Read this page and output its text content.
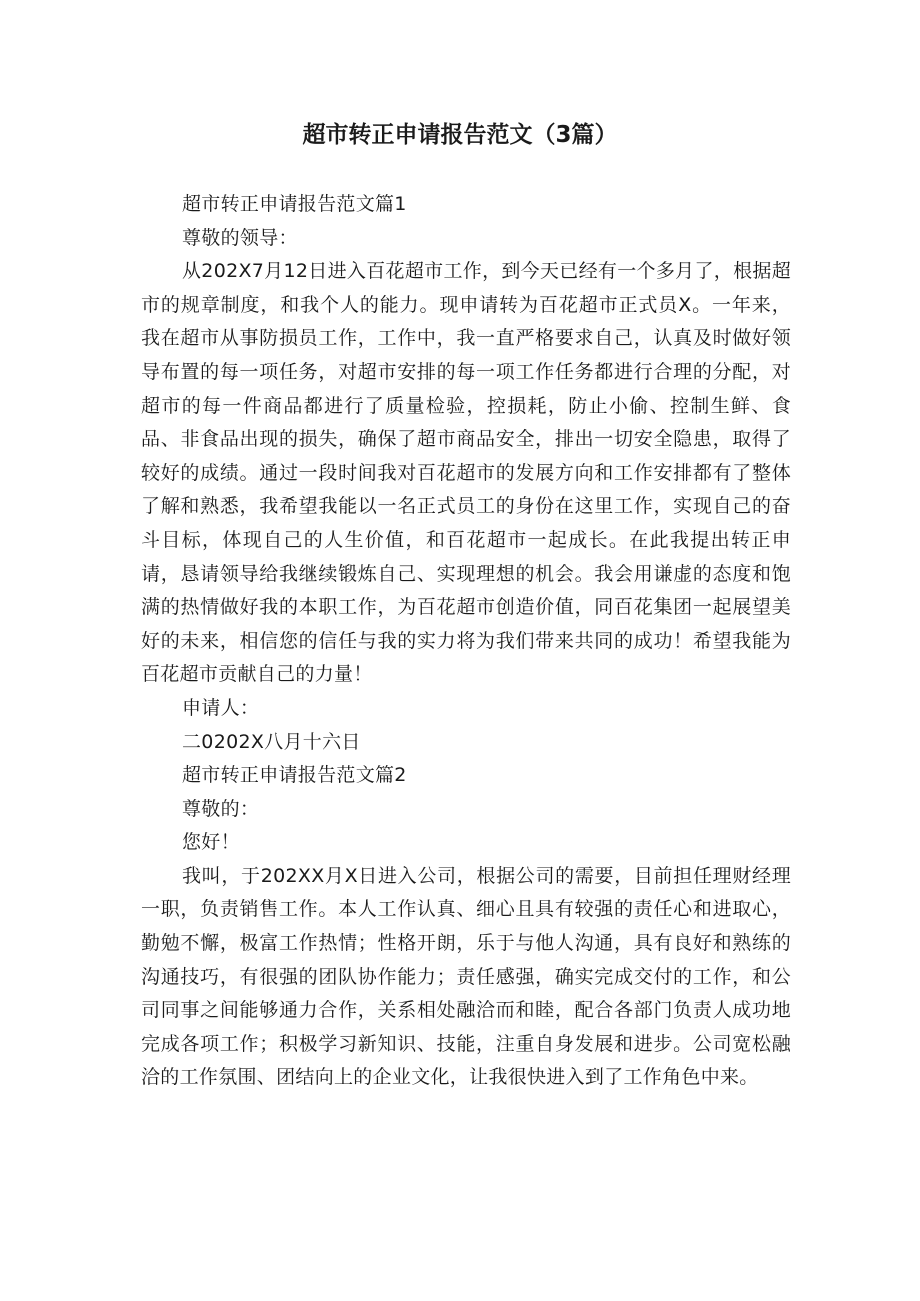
超市转正申请报告范文（3篇）

超市转正申请报告范文篇1

尊敬的领导：

从202X7月12日进入百花超市工作，到今天已经有一个多月了，根据超市的规章制度，和我个人的能力。现申请转为百花超市正式员X。一年来，我在超市从事防损员工作，工作中，我一直严格要求自己，认真及时做好领导布置的每一项任务，对超市安排的每一项工作任务都进行合理的分配，对超市的每一件商品都进行了质量检验，控损耗，防止小偷、控制生鲜、食品、非食品出现的损失，确保了超市商品安全，排出一切安全隐患，取得了较好的成绩。通过一段时间我对百花超市的发展方向和工作安排都有了整体了解和熟悉，我希望我能以一名正式员工的身份在这里工作，实现自己的奋斗目标，体现自己的人生价值，和百花超市一起成长。在此我提出转正申请，恳请领导给我继续锻炼自己、实现理想的机会。我会用谦虚的态度和饱满的热情做好我的本职工作，为百花超市创造价值，同百花集团一起展望美好的未来，相信您的信任与我的实力将为我们带来共同的成功！希望我能为百花超市贡献自己的力量！

申请人：

二0202X八月十六日

超市转正申请报告范文篇2

尊敬的：

您好！

我叫，于202XX月X日进入公司，根据公司的需要，目前担任理财经理一职，负责销售工作。本人工作认真、细心且具有较强的责任心和进取心，勤勉不懈，极富工作热情；性格开朗，乐于与他人沟通，具有良好和熟练的沟通技巧，有很强的团队协作能力；责任感强，确实完成交付的工作，和公司同事之间能够通力合作，关系相处融洽而和睦，配合各部门负责人成功地完成各项工作；积极学习新知识、技能，注重自身发展和进步。公司宽松融洽的工作氛围、团结向上的企业文化，让我很快进入到了工作角色中来。
